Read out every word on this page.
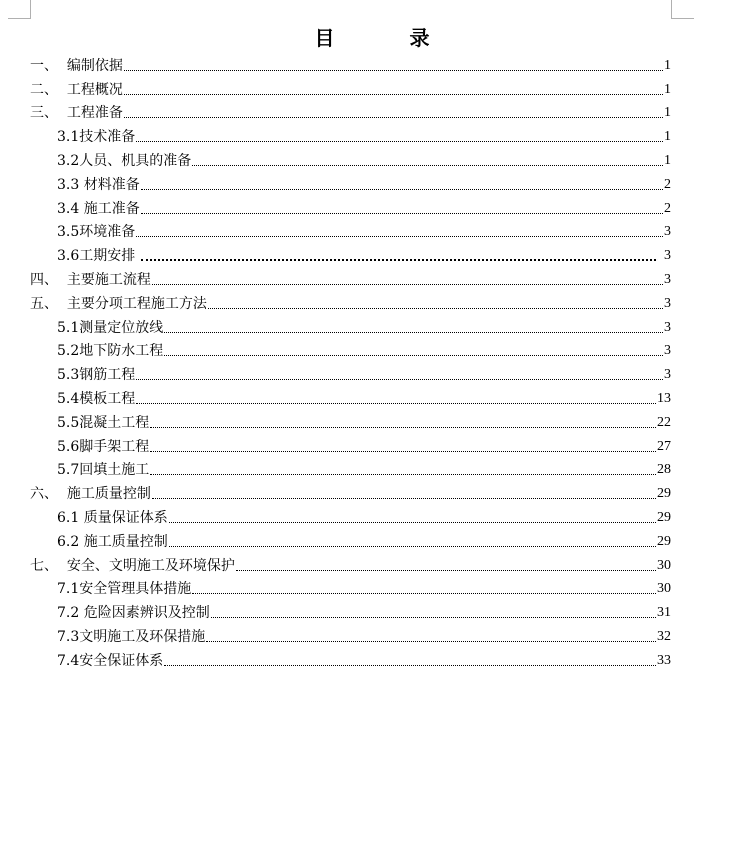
目	录
一、  编制依据	1
二、  工程概况	1
三、  工程准备	1
3.1技术准备	1
3.2人员、机具的准备	1
3.3 材料准备	2
3.4 施工准备	2
3.5环境准备	3
3.6工期安排	3
四、  主要施工流程	3
五、  主要分项工程施工方法	3
5.1测量定位放线	3
5.2地下防水工程	3
5.3钢筋工程	3
5.4模板工程	13
5.5混凝土工程	22
5.6脚手架工程	27
5.7回填土施工	28
六、  施工质量控制	29
6.1 质量保证体系	29
6.2 施工质量控制	29
七、  安全、文明施工及环境保护	30
7.1安全管理具体措施	30
7.2 危险因素辨识及控制	31
7.3文明施工及环保措施	32
7.4安全保证体系	33
